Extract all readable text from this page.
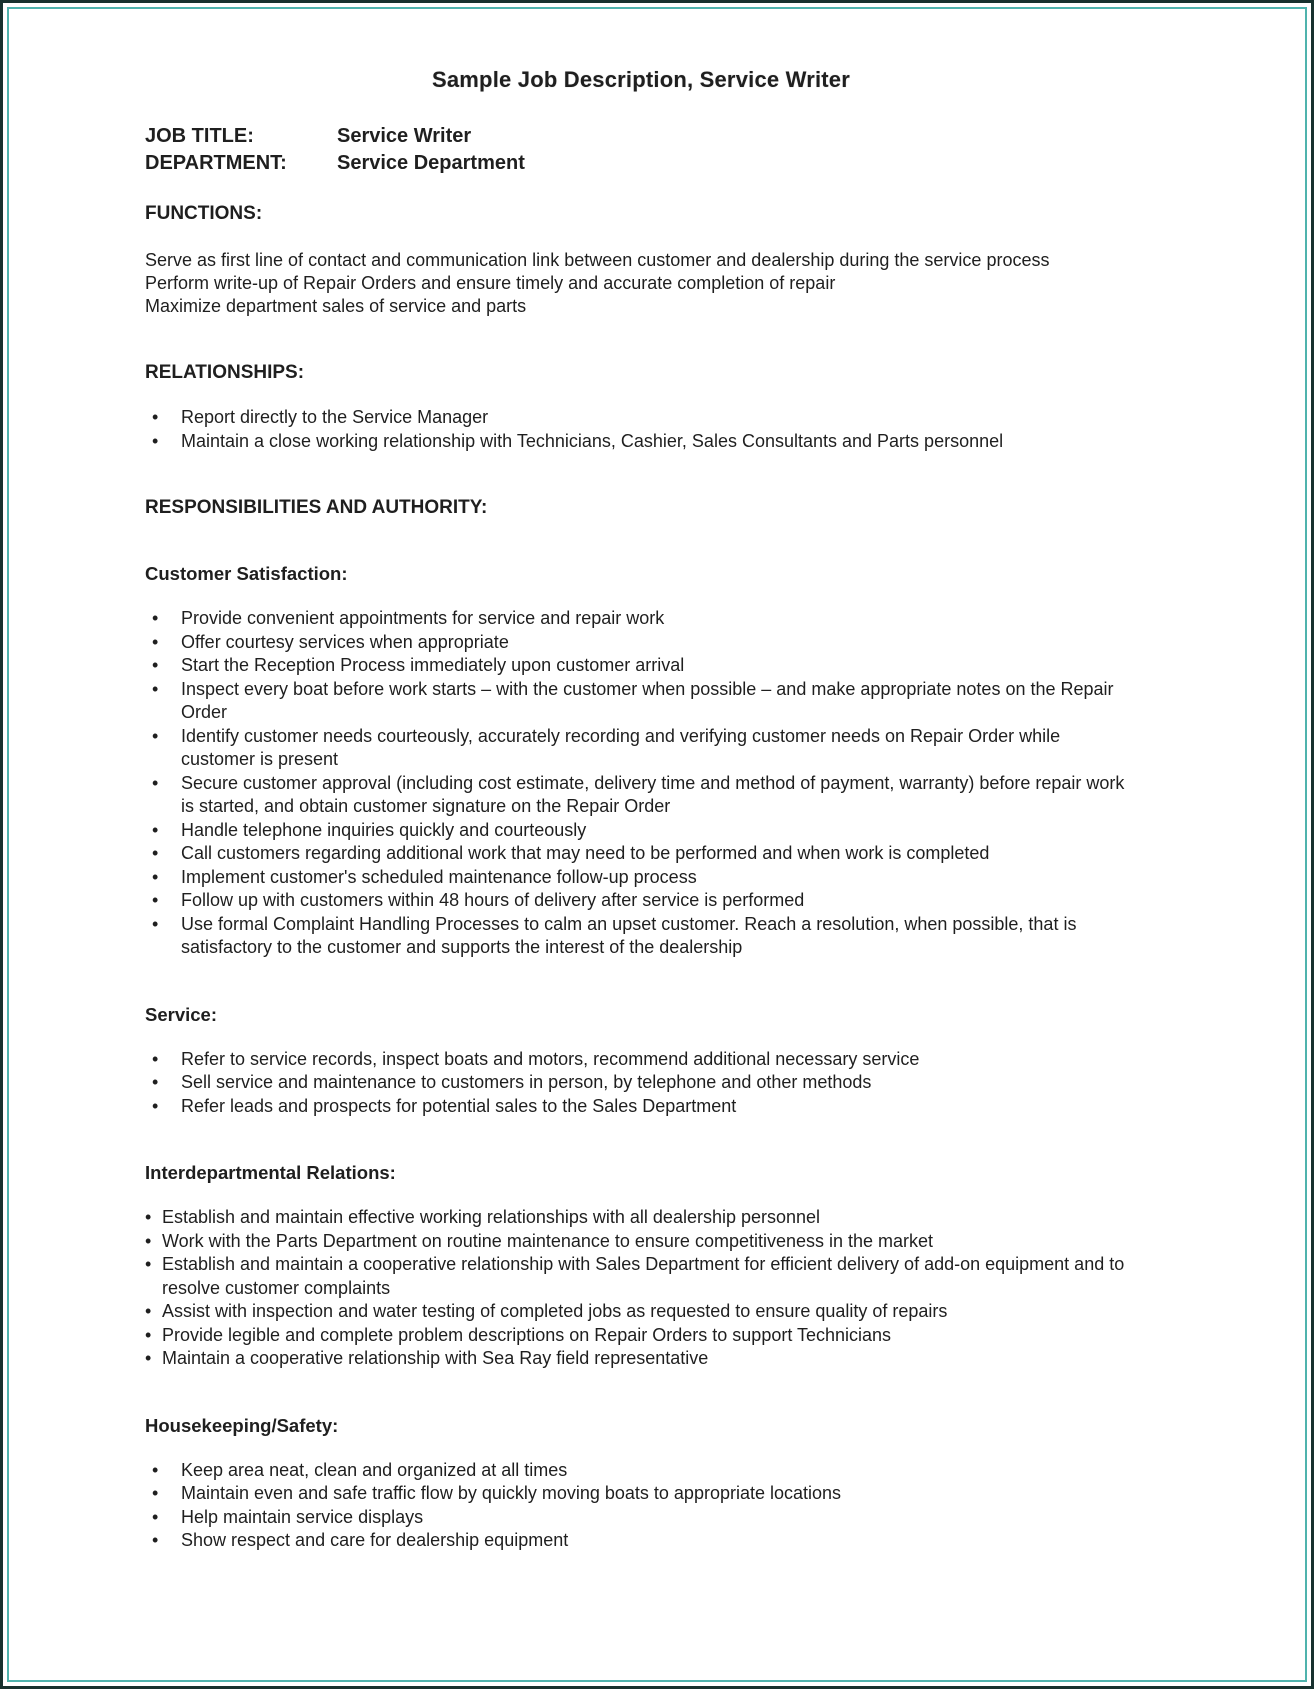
Sample Job Description, Service Writer
JOB TITLE:	Service Writer
DEPARTMENT:	Service Department
FUNCTIONS:
Serve as first line of contact and communication link between customer and dealership during the service process
Perform write-up of Repair Orders and ensure timely and accurate completion of repair
Maximize department sales of service and parts
RELATIONSHIPS:
• Report directly to the Service Manager
• Maintain a close working relationship with Technicians, Cashier, Sales Consultants and Parts personnel
RESPONSIBILITIES AND AUTHORITY:
Customer Satisfaction:
• Provide convenient appointments for service and repair work
• Offer courtesy services when appropriate
• Start the Reception Process immediately upon customer arrival
• Inspect every boat before work starts – with the customer when possible – and make appropriate notes on the Repair Order
• Identify customer needs courteously, accurately recording and verifying customer needs on Repair Order while customer is present
• Secure customer approval (including cost estimate, delivery time and method of payment, warranty) before repair work is started, and obtain customer signature on the Repair Order
• Handle telephone inquiries quickly and courteously
• Call customers regarding additional work that may need to be performed and when work is completed
• Implement customer's scheduled maintenance follow-up process
• Follow up with customers within 48 hours of delivery after service is performed
• Use formal Complaint Handling Processes to calm an upset customer. Reach a resolution, when possible, that is satisfactory to the customer and supports the interest of the dealership
Service:
• Refer to service records, inspect boats and motors, recommend additional necessary service
• Sell service and maintenance to customers in person, by telephone and other methods
• Refer leads and prospects for potential sales to the Sales Department
Interdepartmental Relations:
• Establish and maintain effective working relationships with all dealership personnel
• Work with the Parts Department on routine maintenance to ensure competitiveness in the market
• Establish and maintain a cooperative relationship with Sales Department for efficient delivery of add-on equipment and to resolve customer complaints
• Assist with inspection and water testing of completed jobs as requested to ensure quality of repairs
• Provide legible and complete problem descriptions on Repair Orders to support Technicians
• Maintain a cooperative relationship with Sea Ray field representative
Housekeeping/Safety:
• Keep area neat, clean and organized at all times
• Maintain even and safe traffic flow by quickly moving boats to appropriate locations
• Help maintain service displays
• Show respect and care for dealership equipment
